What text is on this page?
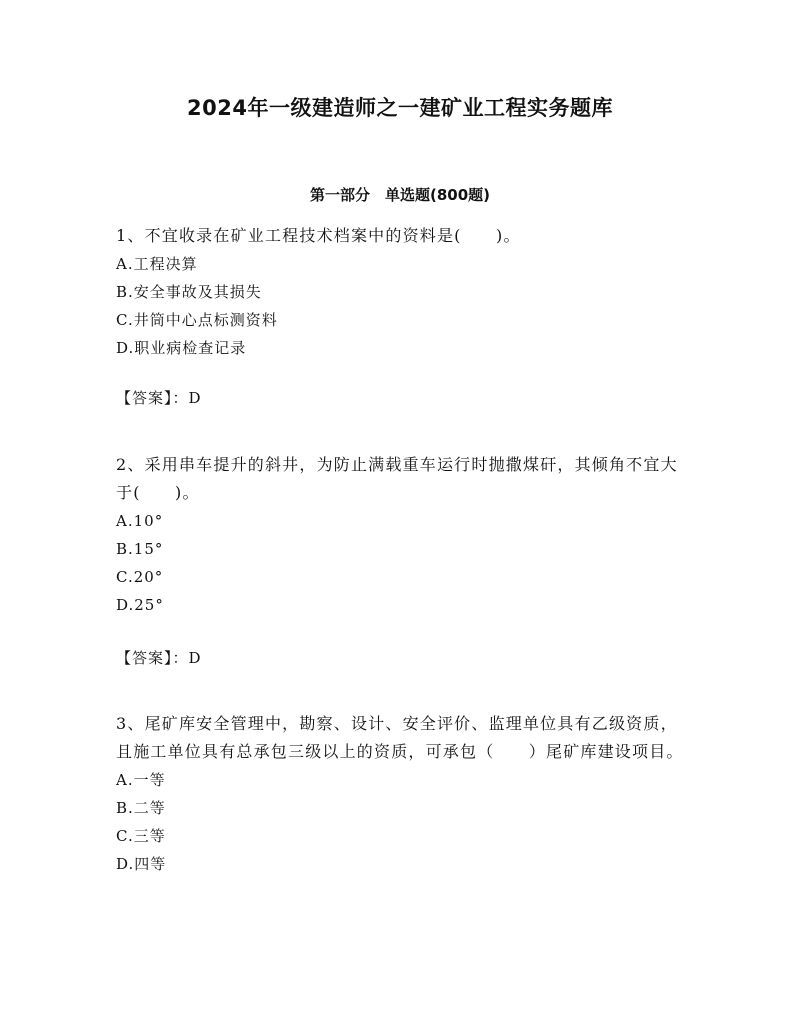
2024年一级建造师之一建矿业工程实务题库
第一部分　单选题(800题)

1、不宜收录在矿业工程技术档案中的资料是(　　)。

A.工程决算

B.安全事故及其损失

C.井筒中心点标测资料

D.职业病检查记录

【答案】：D

2、采用串车提升的斜井，为防止满载重车运行时抛撒煤矸，其倾角不宜大于(　　)。

A.10°

B.15°

C.20°

D.25°

【答案】：D

3、尾矿库安全管理中，勘察、设计、安全评价、监理单位具有乙级资质，且施工单位具有总承包三级以上的资质，可承包（　　）尾矿库建设项目。

A.一等

B.二等

C.三等

D.四等
